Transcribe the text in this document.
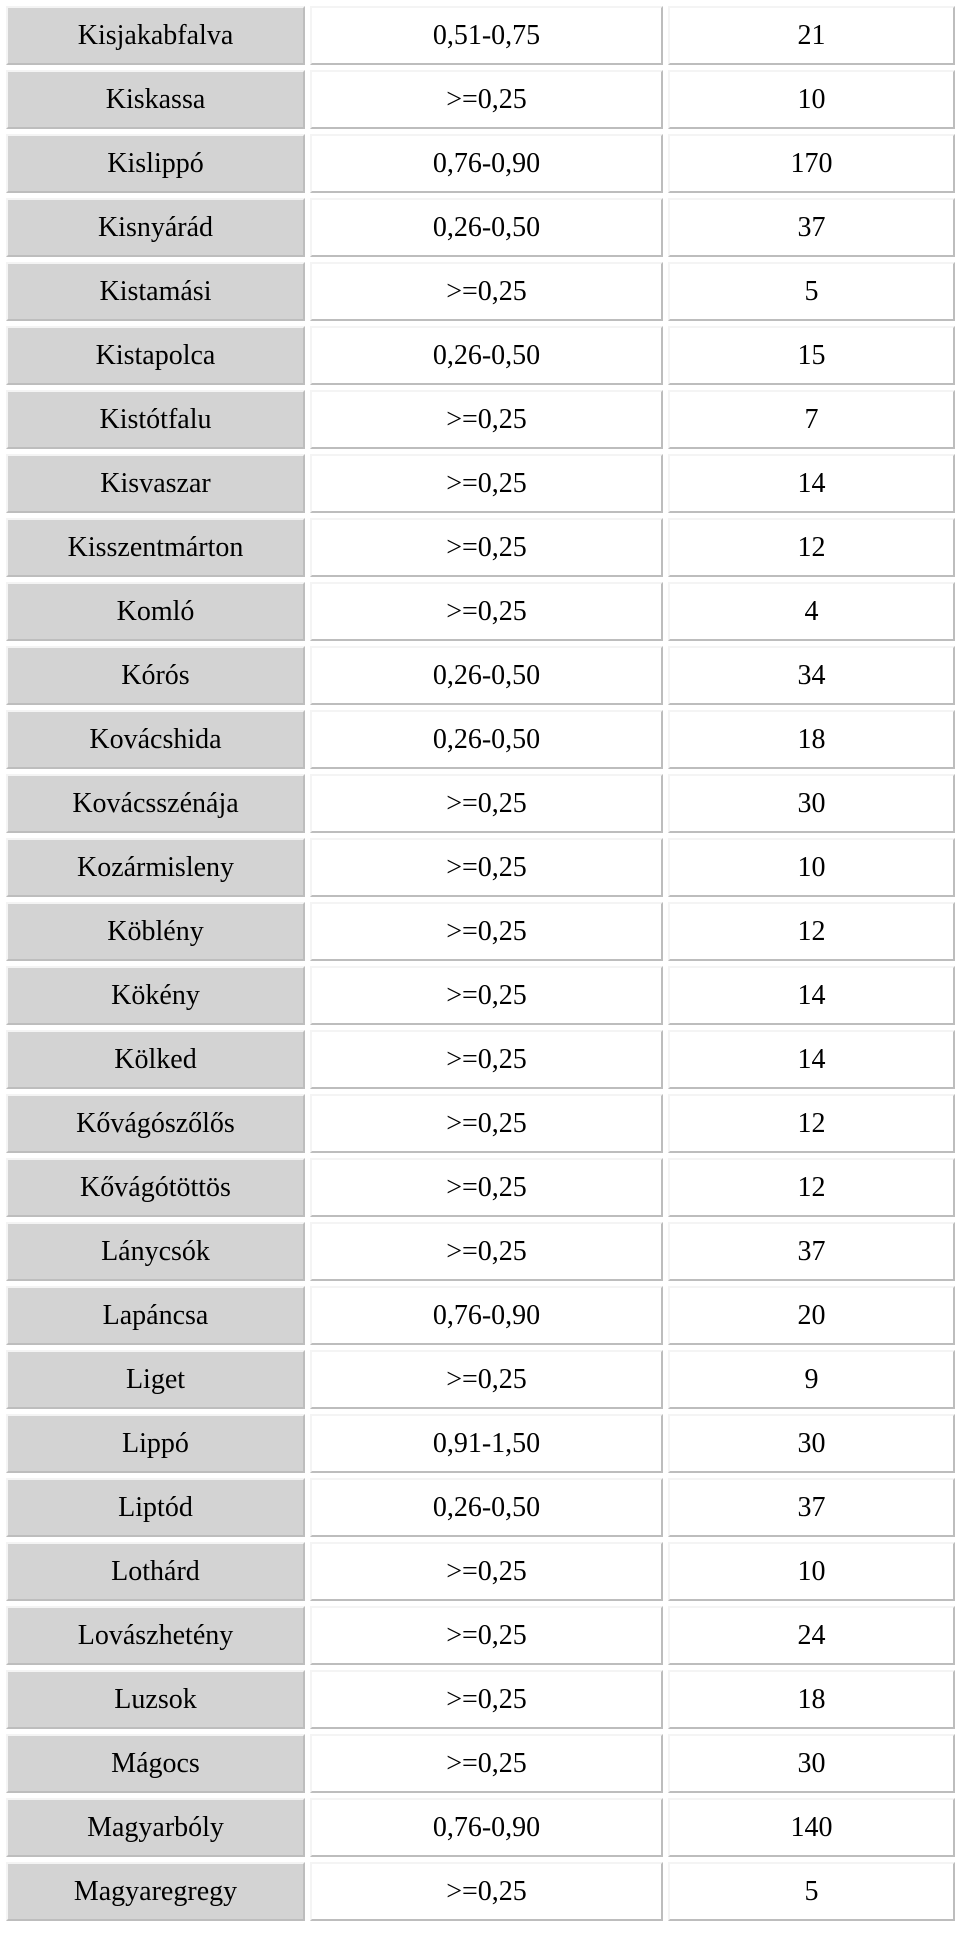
Kisjakabfalva	0,51-0,75	21
Kiskassa	>=0,25	10
Kislippó	0,76-0,90	170
Kisnyárád	0,26-0,50	37
Kistamási	>=0,25	5
Kistapolca	0,26-0,50	15
Kistótfalu	>=0,25	7
Kisvaszar	>=0,25	14
Kisszentmárton	>=0,25	12
Komló	>=0,25	4
Kórós	0,26-0,50	34
Kovácshida	0,26-0,50	18
Kovácsszénája	>=0,25	30
Kozármisleny	>=0,25	10
Köblény	>=0,25	12
Kökény	>=0,25	14
Kölked	>=0,25	14
Kővágószőlős	>=0,25	12
Kővágótöttös	>=0,25	12
Lánycsók	>=0,25	37
Lapáncsa	0,76-0,90	20
Liget	>=0,25	9
Lippó	0,91-1,50	30
Liptód	0,26-0,50	37
Lothárd	>=0,25	10
Lovászhetény	>=0,25	24
Luzsok	>=0,25	18
Mágocs	>=0,25	30
Magyarbóly	0,76-0,90	140
Magyaregregy	>=0,25	5
